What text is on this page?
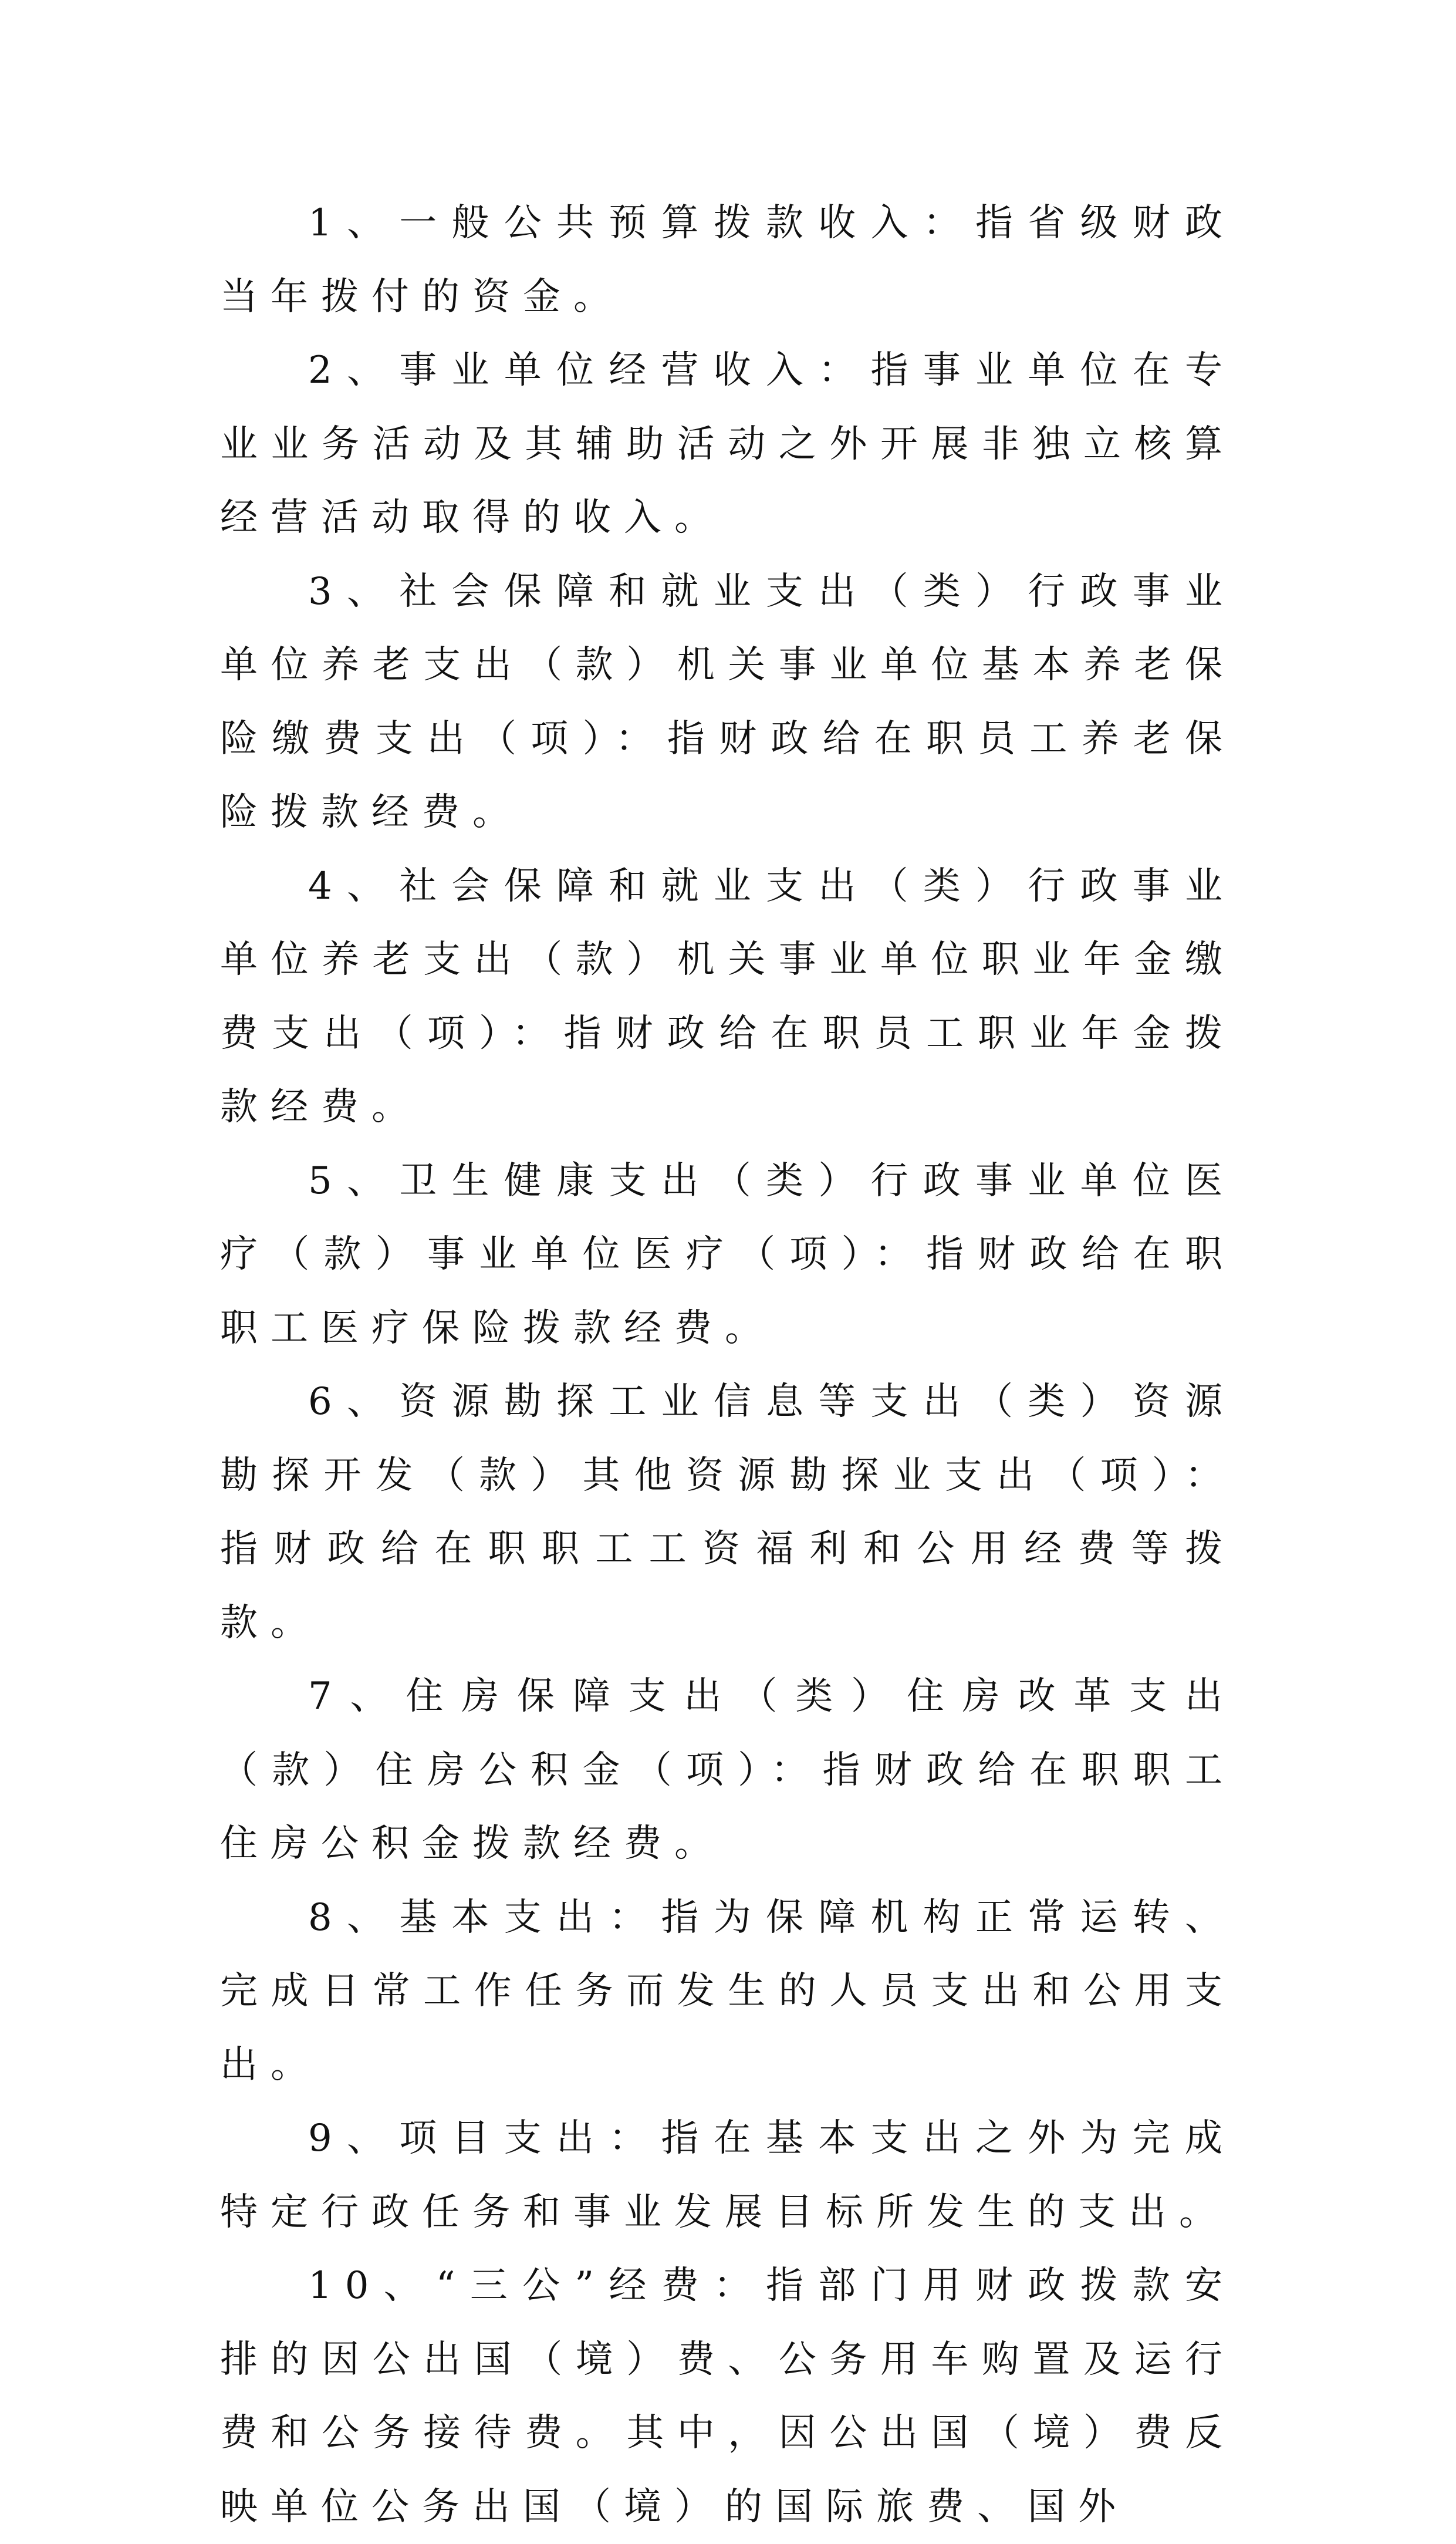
1、一般公共预算拨款收入：指省级财政当年拨付的资金。

2、事业单位经营收入：指事业单位在专业业务活动及其辅助活动之外开展非独立核算经营活动取得的收入。

3、社会保障和就业支出（类）行政事业单位养老支出（款）机关事业单位基本养老保险缴费支出（项）：指财政给在职员工养老保险拨款经费。

4、社会保障和就业支出（类）行政事业单位养老支出（款）机关事业单位职业年金缴费支出（项）：指财政给在职员工职业年金拨款经费。

5、卫生健康支出（类）行政事业单位医疗（款）事业单位医疗（项）：指财政给在职职工医疗保险拨款经费。

6、资源勘探工业信息等支出（类）资源勘探开发（款）其他资源勘探业支出（项）：指财政给在职职工工资福利和公用经费等拨款。

7、住房保障支出（类）住房改革支出（款）住房公积金（项）：指财政给在职职工住房公积金拨款经费。

8、基本支出：指为保障机构正常运转、完成日常工作任务而发生的人员支出和公用支出。

9、项目支出：指在基本支出之外为完成特定行政任务和事业发展目标所发生的支出。

10、“三公”经费：指部门用财政拨款安排的因公出国（境）费、公务用车购置及运行费和公务接待费。其中，因公出国（境）费反映单位公务出国（境）的国际旅费、国外
